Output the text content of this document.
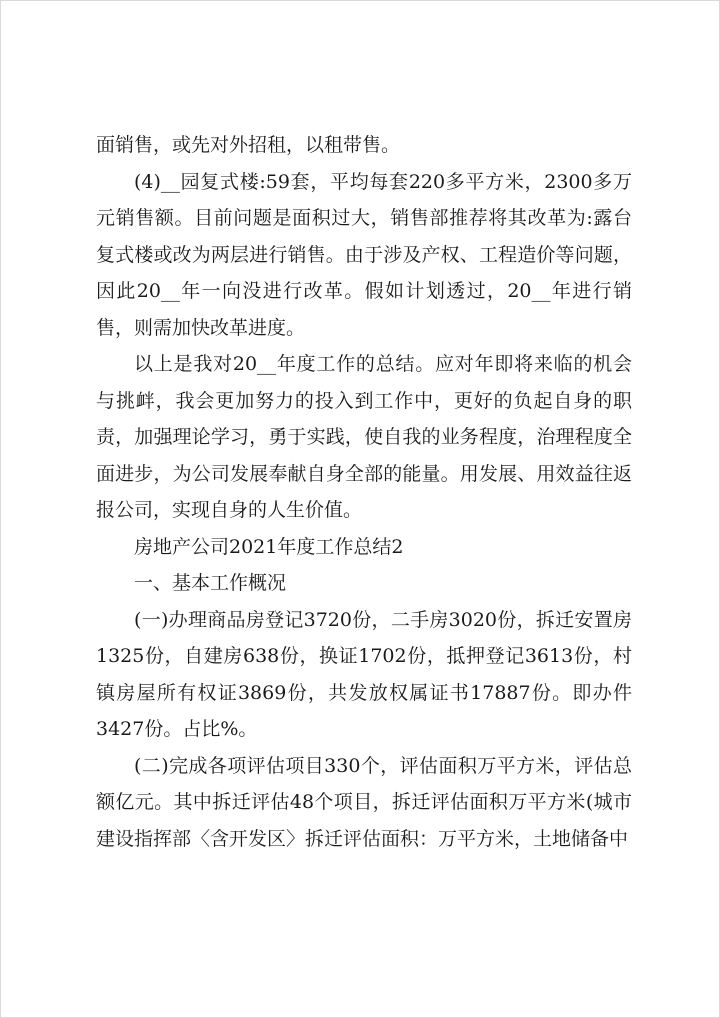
面销售，或先对外招租，以租带售。

(4)__园复式楼:59套，平均每套220多平方米，2300多万元销售额。目前问题是面积过大，销售部推荐将其改革为:露台复式楼或改为两层进行销售。由于涉及产权、工程造价等问题，因此20__年一向没进行改革。假如计划透过，20__年进行销售，则需加快改革进度。

以上是我对20__年度工作的总结。应对年即将来临的机会与挑衅，我会更加努力的投入到工作中，更好的负起自身的职责，加强理论学习，勇于实践，使自我的业务程度，治理程度全面进步，为公司发展奉献自身全部的能量。用发展、用效益往返报公司，实现自身的人生价值。

房地产公司2021年度工作总结2

一、基本工作概况

(一)办理商品房登记3720份，二手房3020份，拆迁安置房1325份，自建房638份，换证1702份，抵押登记3613份，村镇房屋所有权证3869份，共发放权属证书17887份。即办件3427份。占比%。

(二)完成各项评估项目330个，评估面积万平方米，评估总额亿元。其中拆迁评估48个项目，拆迁评估面积万平方米(城市建设指挥部〈含开发区〉拆迁评估面积：万平方米，土地储备中
